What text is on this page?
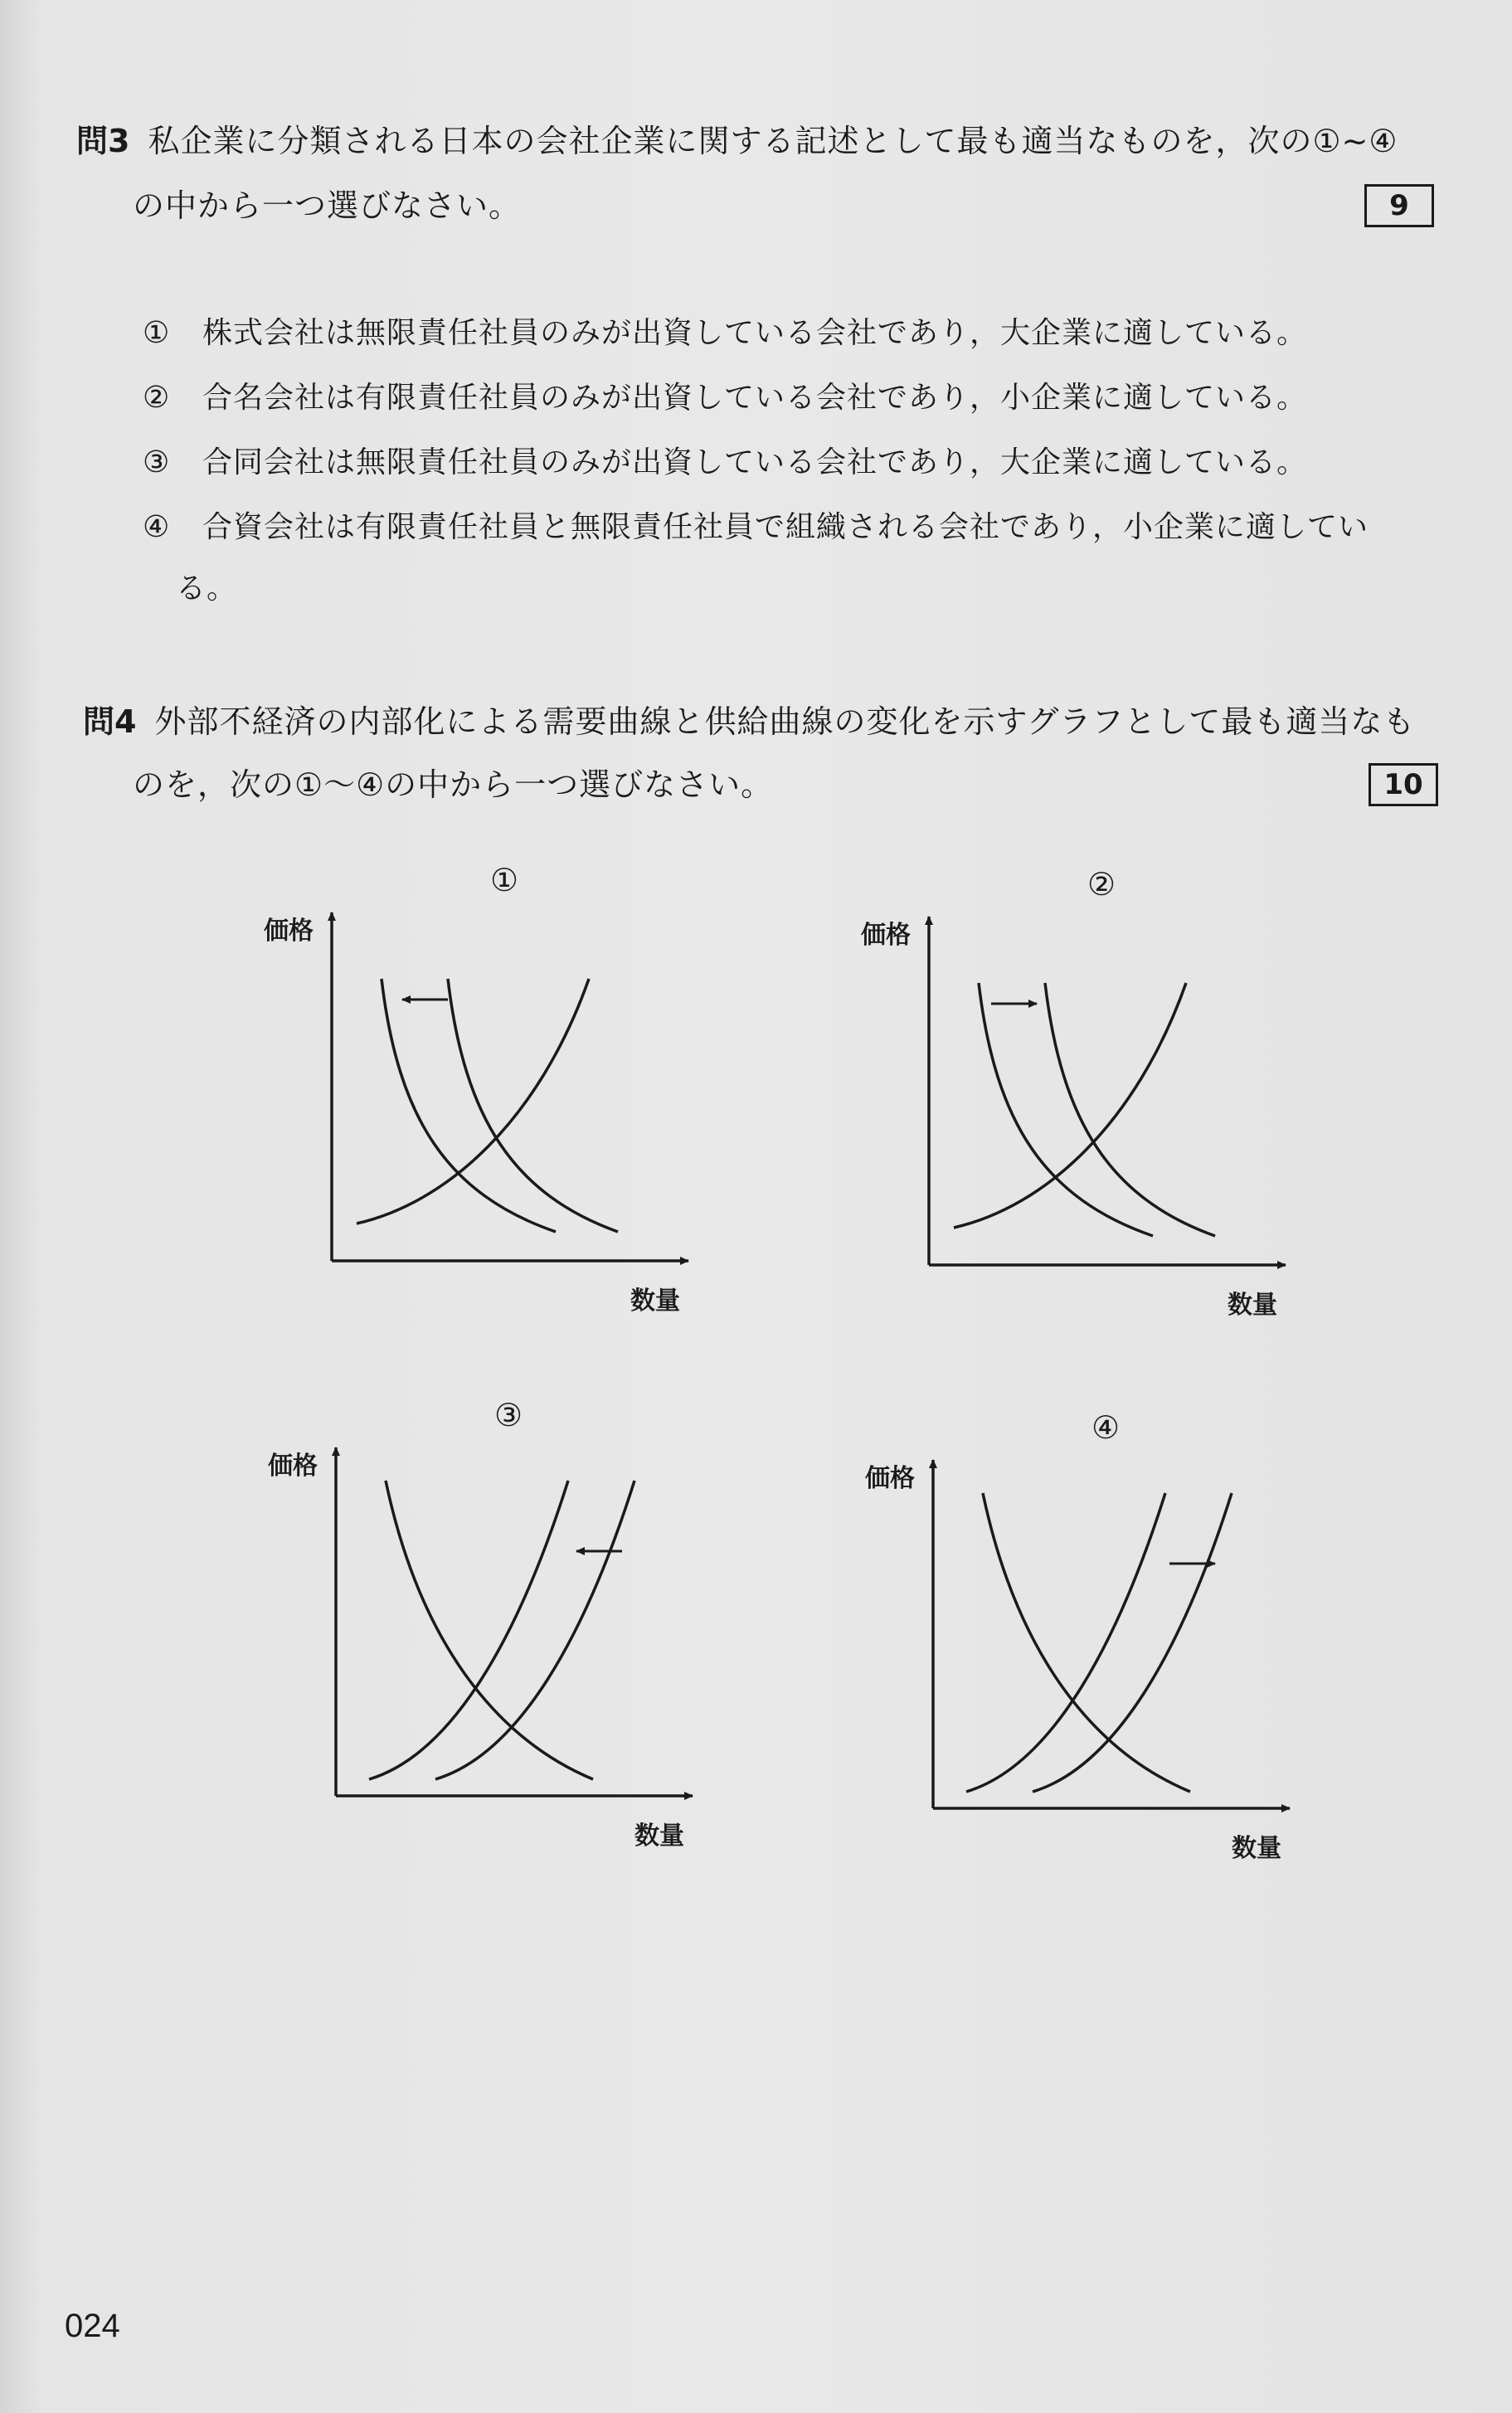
問3 私企業に分類される日本の会社企業に関する記述として最も適当なものを，次の①~④
の中から一つ選びなさい。	9
① 株式会社は無限責任社員のみが出資している会社であり，大企業に適している。
② 合名会社は有限責任社員のみが出資している会社であり，小企業に適している。
③ 合同会社は無限責任社員のみが出資している会社であり，大企業に適している。
④ 合資会社は有限責任社員と無限責任社員で組織される会社であり，小企業に適してい
る。
問4 外部不経済の内部化による需要曲線と供給曲線の変化を示すグラフとして最も適当なも
のを，次の①～④の中から一つ選びなさい。	10
①
価格
数量
②
価格
数量
③
価格
数量
④
価格
数量
024
